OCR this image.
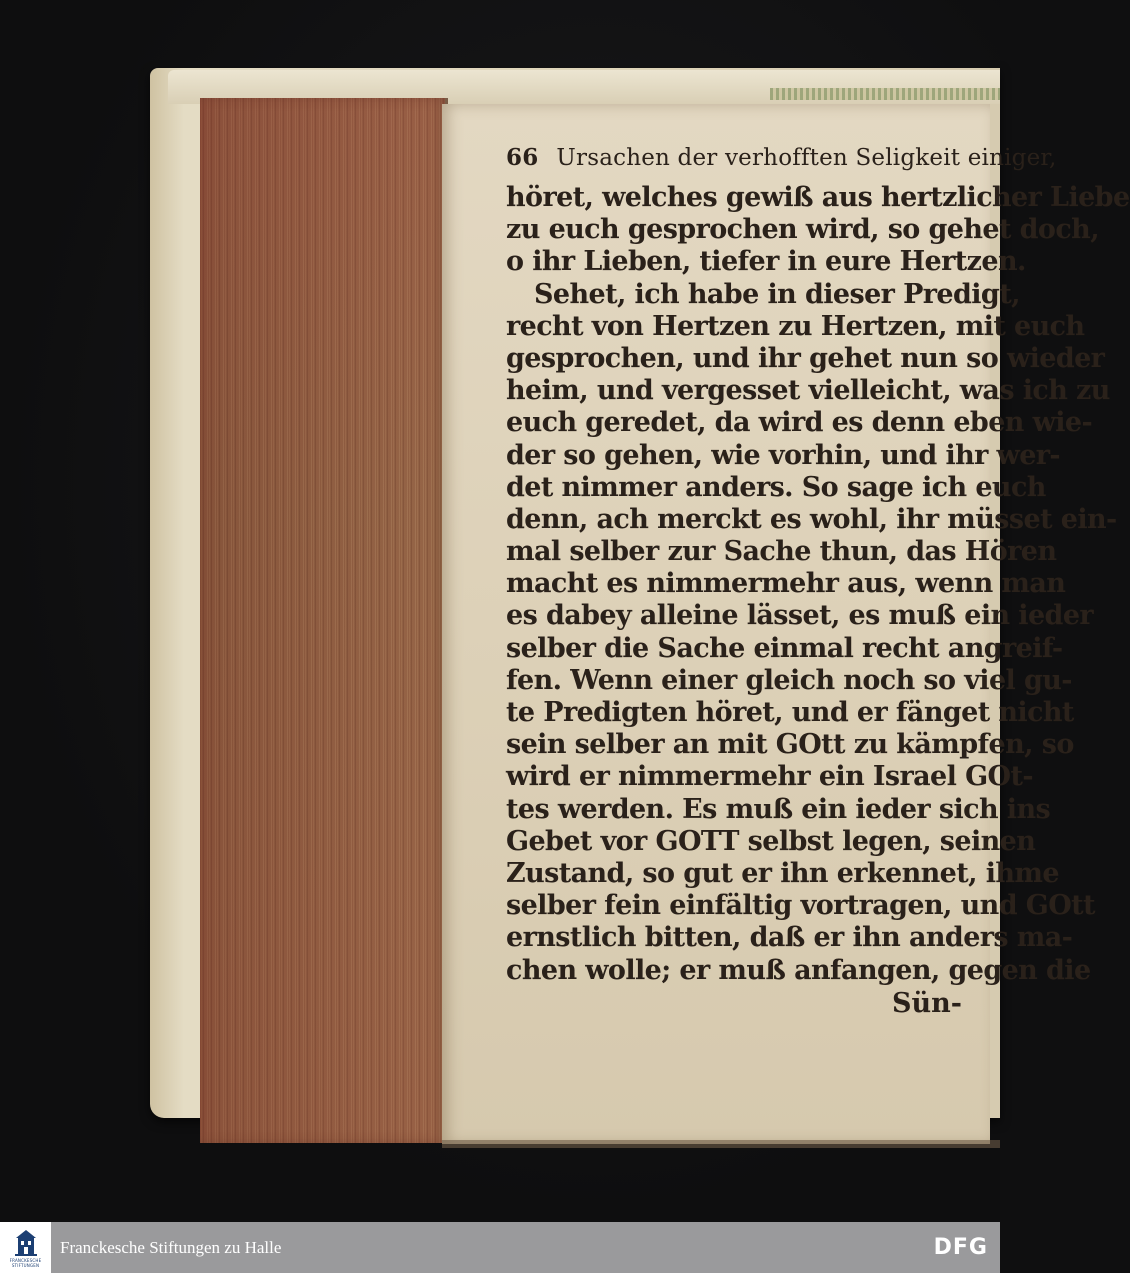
66 Ursachen der verhofften Seligkeit einiger,
höret, welches gewiß aus hertzlicher Liebe
zu euch gesprochen wird, so gehet doch,
o ihr Lieben, tiefer in eure Hertzen.
Sehet, ich habe in dieser Predigt,
recht von Hertzen zu Hertzen, mit euch
gesprochen, und ihr gehet nun so wieder
heim, und vergesset vielleicht, was ich zu
euch geredet, da wird es denn eben wie-
der so gehen, wie vorhin, und ihr wer-
det nimmer anders. So sage ich euch
denn, ach merckt es wohl, ihr müsset ein-
mal selber zur Sache thun, das Hören
macht es nimmermehr aus, wenn man
es dabey alleine lässet, es muß ein ieder
selber die Sache einmal recht angreif-
fen. Wenn einer gleich noch so viel gu-
te Predigten höret, und er fänget nicht
sein selber an mit GOtt zu kämpfen, so
wird er nimmermehr ein Israel GOt-
tes werden. Es muß ein ieder sich ins
Gebet vor GOTT selbst legen, seinen
Zustand, so gut er ihn erkennet, ihme
selber fein einfältig vortragen, und GOtt
ernstlich bitten, daß er ihn anders ma-
chen wolle; er muß anfangen, gegen die
Sün-
FRANCKESCHE STIFTUNGEN
Franckesche Stiftungen zu Halle	DFG
